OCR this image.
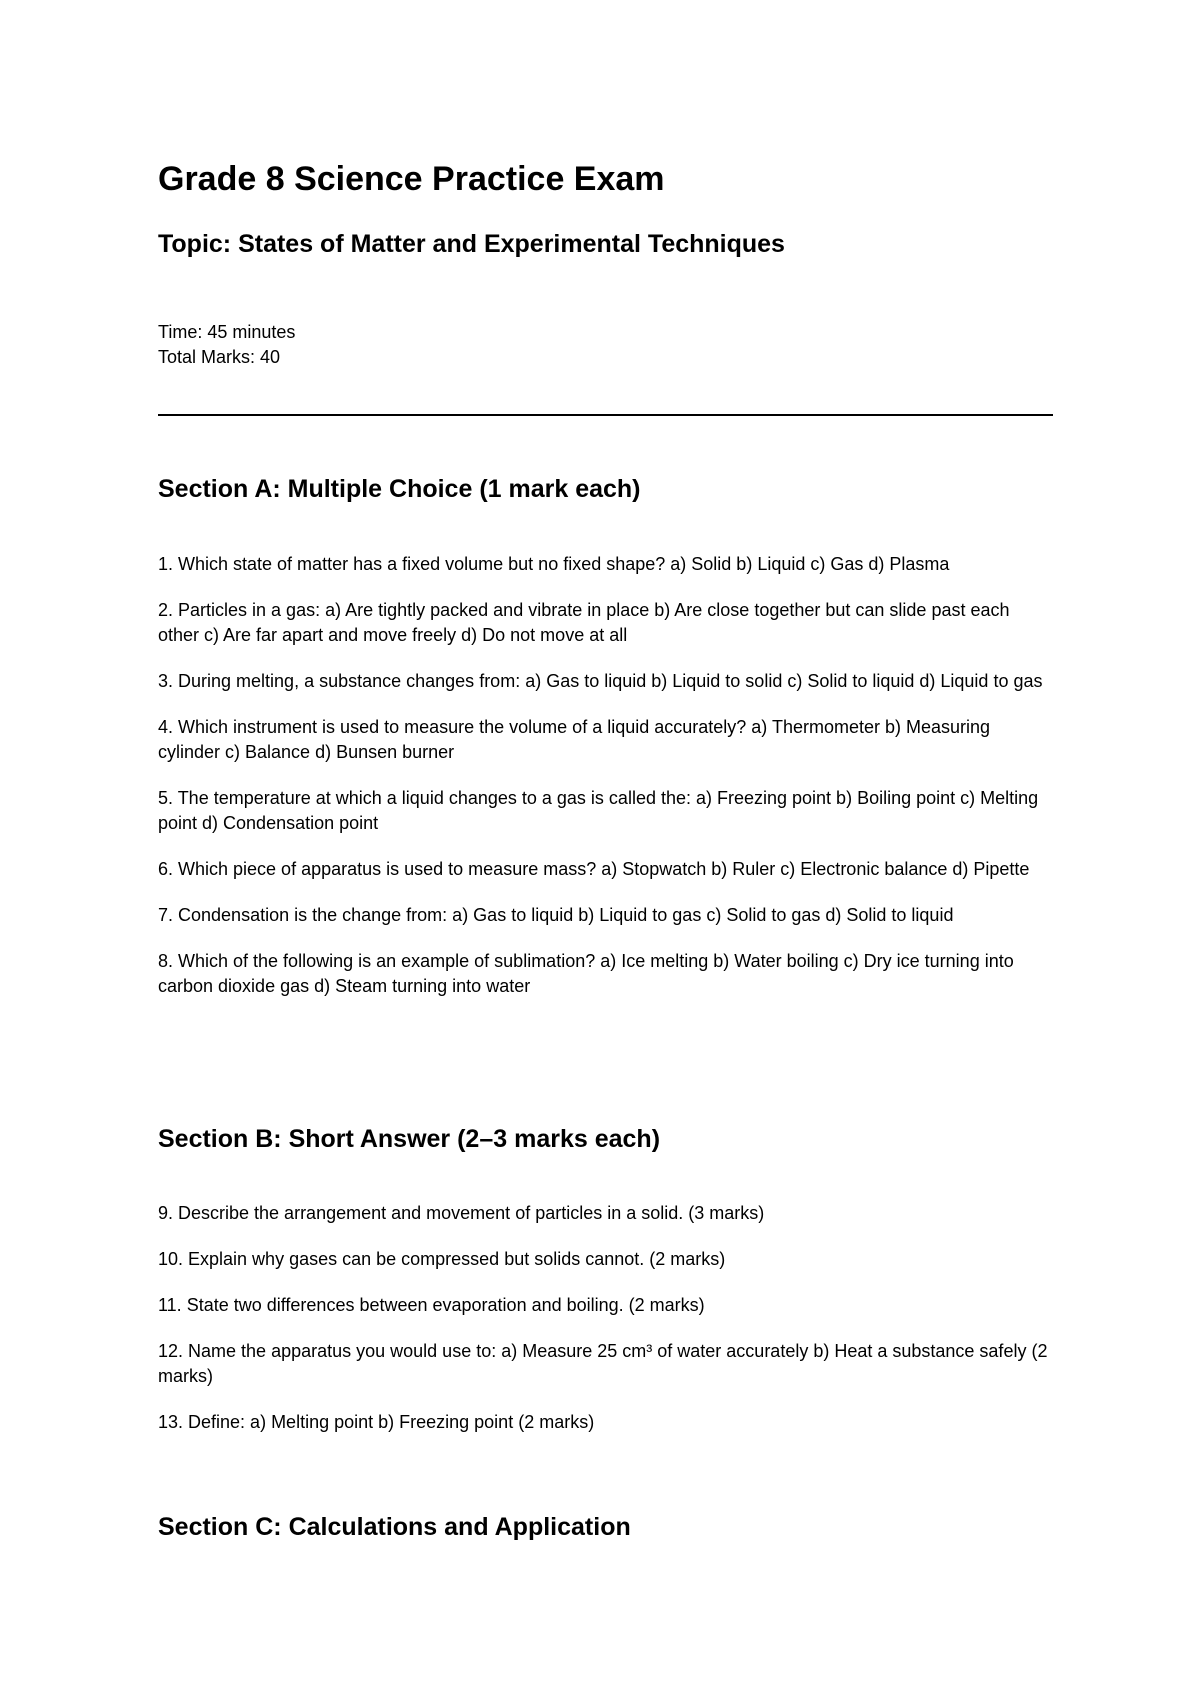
Grade 8 Science Practice Exam
Topic: States of Matter and Experimental Techniques
Time: 45 minutes
Total Marks: 40
Section A: Multiple Choice (1 mark each)
1. Which state of matter has a fixed volume but no fixed shape? a) Solid b) Liquid c) Gas d) Plasma
2. Particles in a gas: a) Are tightly packed and vibrate in place b) Are close together but can slide past each other c) Are far apart and move freely d) Do not move at all
3. During melting, a substance changes from: a) Gas to liquid b) Liquid to solid c) Solid to liquid d) Liquid to gas
4. Which instrument is used to measure the volume of a liquid accurately? a) Thermometer b) Measuring cylinder c) Balance d) Bunsen burner
5. The temperature at which a liquid changes to a gas is called the: a) Freezing point b) Boiling point c) Melting point d) Condensation point
6. Which piece of apparatus is used to measure mass? a) Stopwatch b) Ruler c) Electronic balance d) Pipette
7. Condensation is the change from: a) Gas to liquid b) Liquid to gas c) Solid to gas d) Solid to liquid
8. Which of the following is an example of sublimation? a) Ice melting b) Water boiling c) Dry ice turning into carbon dioxide gas d) Steam turning into water
Section B: Short Answer (2–3 marks each)
9. Describe the arrangement and movement of particles in a solid. (3 marks)
10. Explain why gases can be compressed but solids cannot. (2 marks)
11. State two differences between evaporation and boiling. (2 marks)
12. Name the apparatus you would use to: a) Measure 25 cm³ of water accurately b) Heat a substance safely (2 marks)
13. Define: a) Melting point b) Freezing point (2 marks)
Section C: Calculations and Application
